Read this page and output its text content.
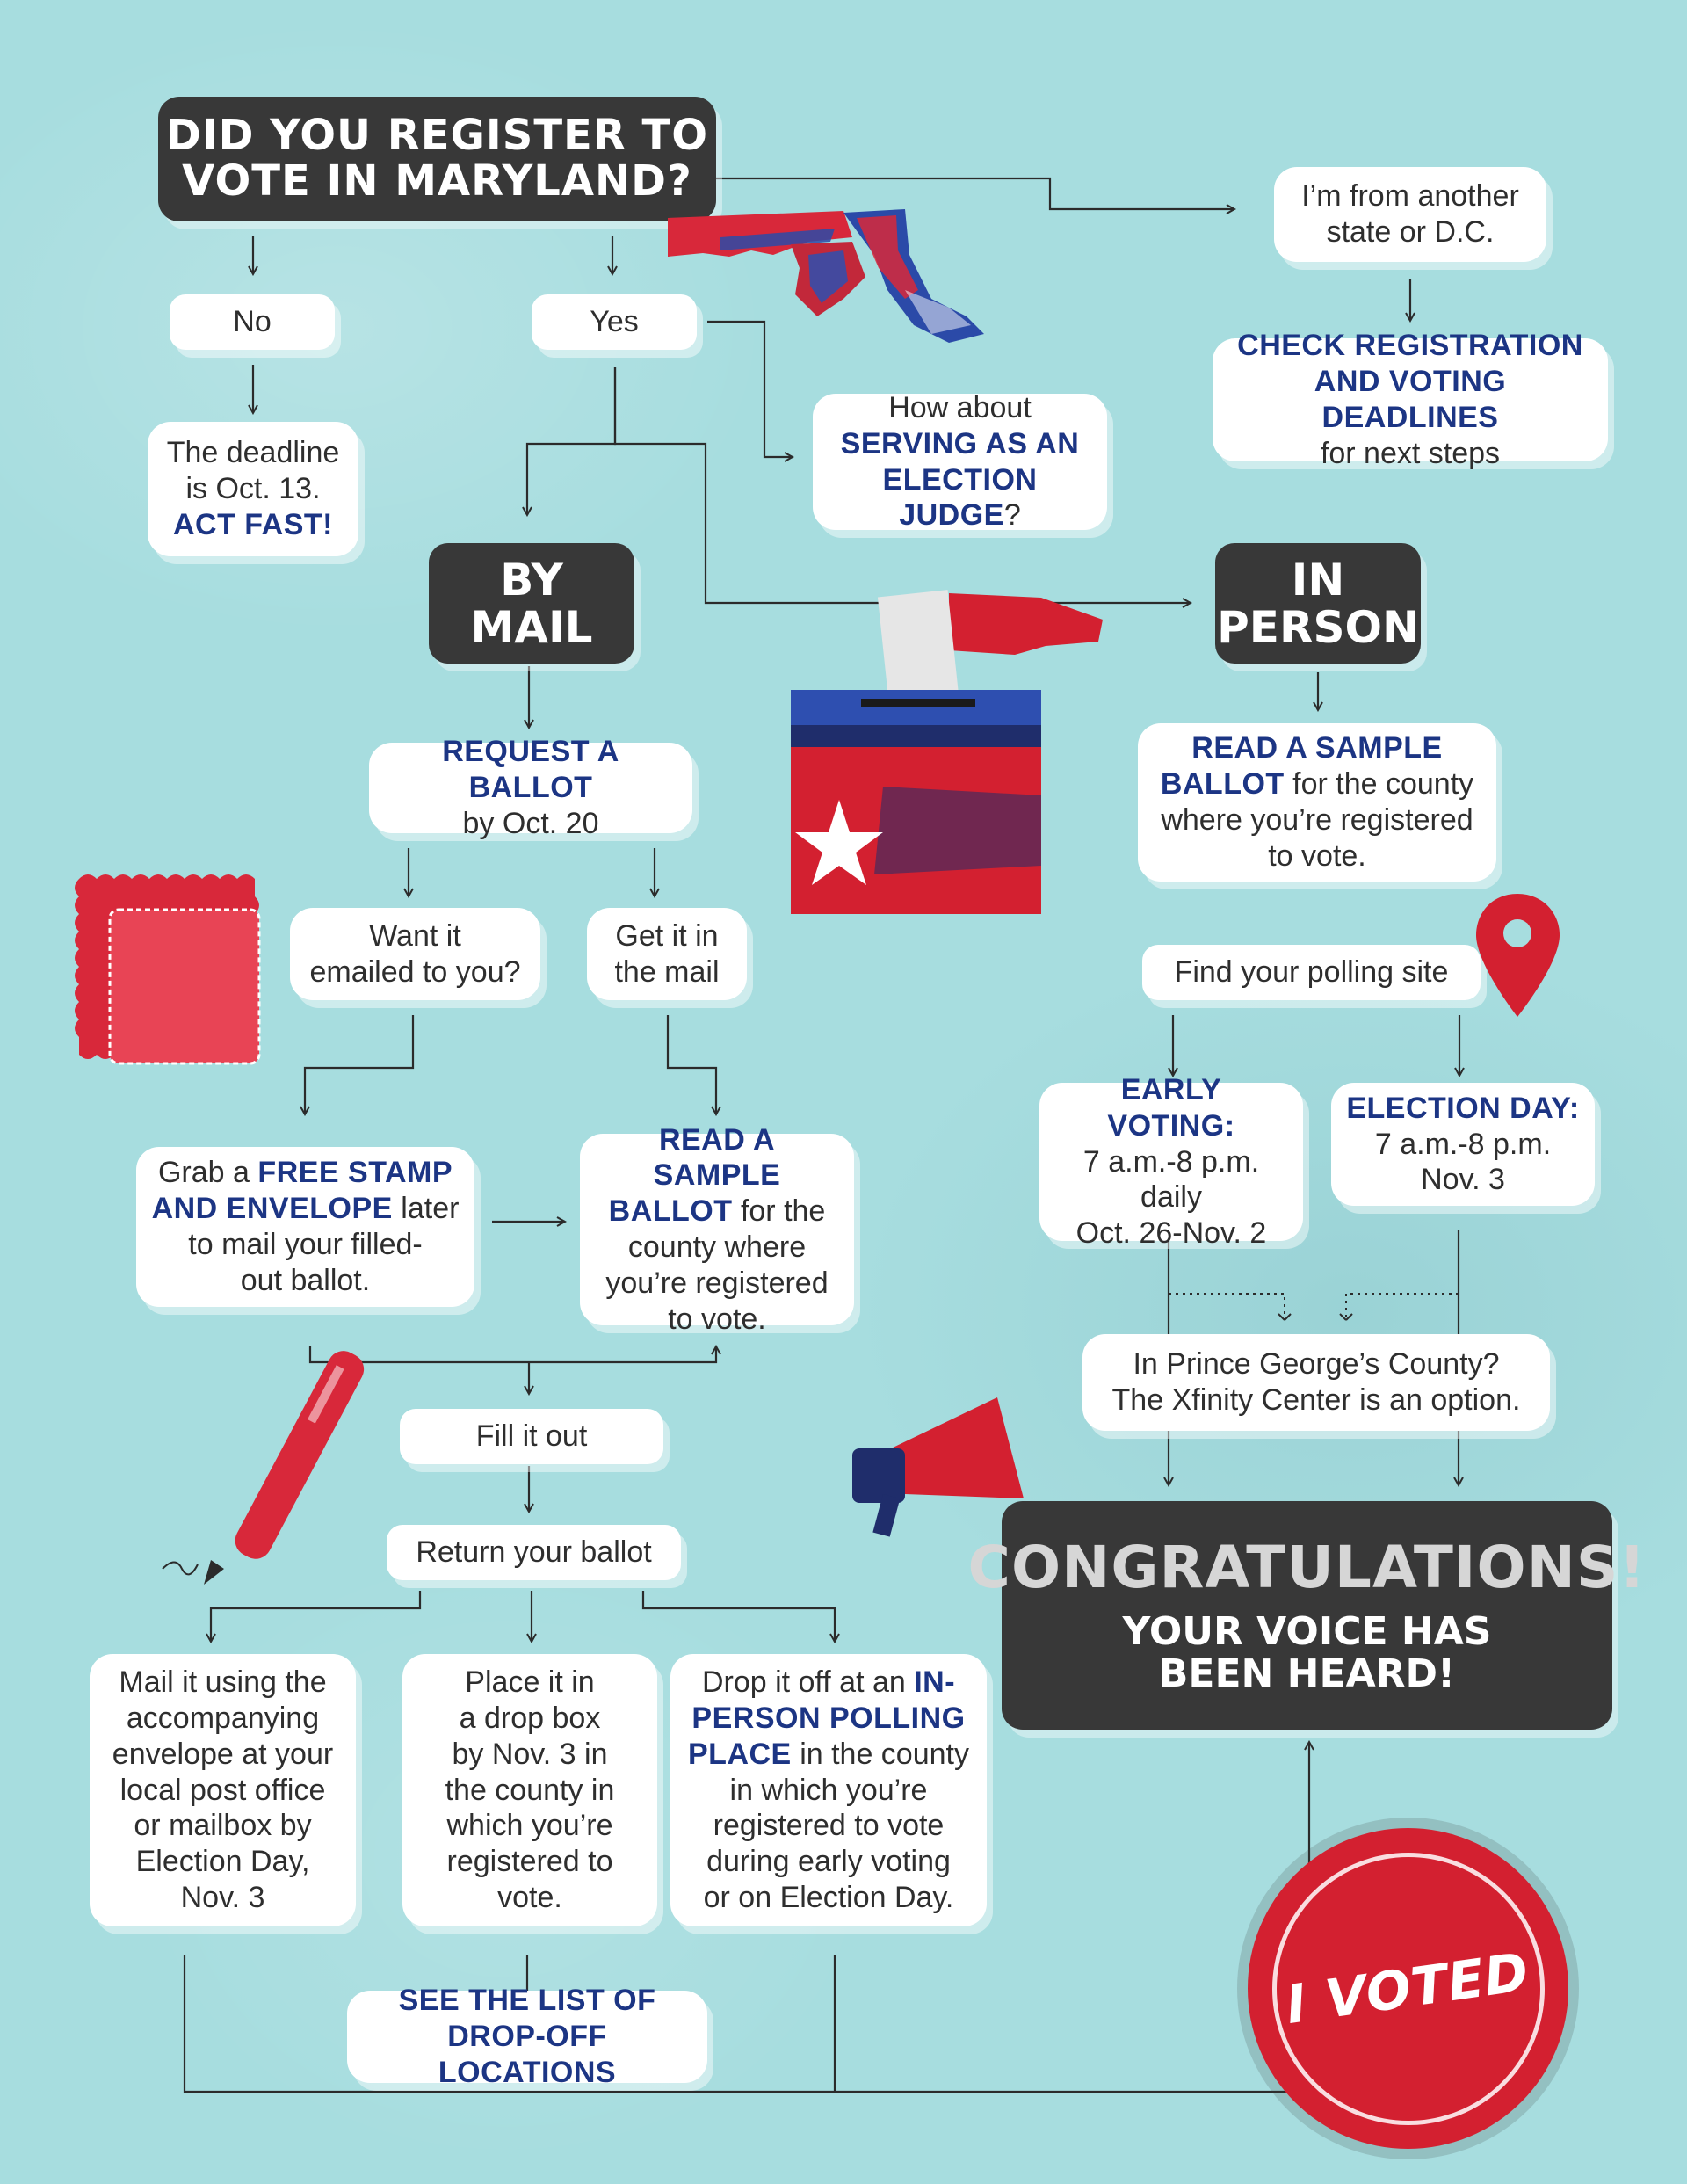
DID YOU REGISTER TO
VOTE IN MARYLAND?
No	Yes
I’m from another state or D.C.
The deadline
is Oct. 13.
ACT FAST!
CHECK REGISTRATION
AND VOTING DEADLINES
for next steps
How about
SERVING AS AN
ELECTION JUDGE?
BY
MAIL
IN
PERSON
REQUEST A BALLOT
by Oct. 20
READ A SAMPLE
BALLOT for the county
where you’re registered
to vote.
Want it
emailed to you?
Get it in
the mail	Find your polling site
Grab a FREE STAMP
AND ENVELOPE later
to mail your filled-
out ballot.
READ A SAMPLE
BALLOT for the
county where
you’re registered
to vote.
EARLY VOTING:
7 a.m.-8 p.m.
daily
Oct. 26-Nov. 2
ELECTION DAY:
7 a.m.-8 p.m.
Nov. 3
In Prince George’s County?
The Xfinity Center is an option.
Fill it out
Return your ballot
Mail it using the
accompanying
envelope at your
local post office
or mailbox by
Election Day,
Nov. 3
Place it in
a drop box
by Nov. 3 in
the county in
which you’re
registered to
vote.
Drop it off at an IN-
PERSON POLLING
PLACE in the county
in which you’re
registered to vote
during early voting
or on Election Day.
CONGRATULATIONS!
YOUR VOICE HAS
BEEN HEARD!
SEE THE LIST OF
DROP-OFF LOCATIONS
I VOTED
